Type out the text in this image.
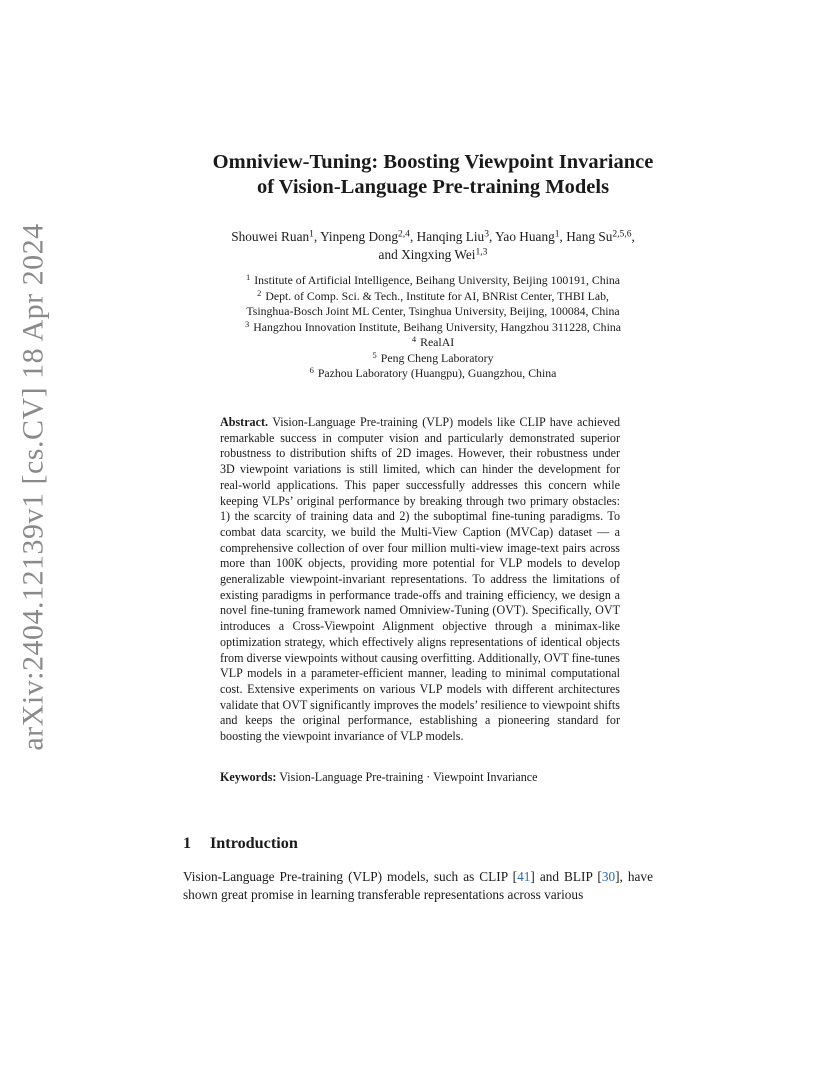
arXiv:2404.12139v1 [cs.CV] 18 Apr 2024
Omniview-Tuning: Boosting Viewpoint Invariance
of Vision-Language Pre-training Models
Shouwei Ruan$^1$, Yinpeng Dong$^{2,4}$, Hanqing Liu$^3$, Yao Huang$^1$, Hang Su$^{2,5,6}$,
and Xingxing Wei$^{1,3}$
$^1$ Institute of Artificial Intelligence, Beihang University, Beijing 100191, China
$^2$ Dept. of Comp. Sci. & Tech., Institute for AI, BNRist Center, THBI Lab,
Tsinghua-Bosch Joint ML Center, Tsinghua University, Beijing, 100084, China
$^3$ Hangzhou Innovation Institute, Beihang University, Hangzhou 311228, China
$^4$ RealAI
$^5$ Peng Cheng Laboratory
$^6$ Pazhou Laboratory (Huangpu), Guangzhou, China

Abstract. Vision-Language Pre-training (VLP) models like CLIP have achieved remarkable success in computer vision and particularly demonstrated superior robustness to distribution shifts of 2D images. However, their robustness under 3D viewpoint variations is still limited, which can hinder the development for real-world applications. This paper successfully addresses this concern while keeping VLPs’ original performance by breaking through two primary obstacles: 1) the scarcity of training data and 2) the suboptimal fine-tuning paradigms. To combat data scarcity, we build the Multi-View Caption (MVCap) dataset — a comprehensive collection of over four million multi-view image-text pairs across more than 100K objects, providing more potential for VLP models to develop generalizable viewpoint-invariant representations. To address the limitations of existing paradigms in performance trade-offs and training efficiency, we design a novel fine-tuning framework named Omniview-Tuning (OVT). Specifically, OVT introduces a Cross-Viewpoint Alignment objective through a minimax-like optimization strategy, which effectively aligns representations of identical objects from diverse viewpoints without causing overfitting. Additionally, OVT fine-tunes VLP models in a parameter-efficient manner, leading to minimal computational cost. Extensive experiments on various VLP models with different architectures validate that OVT significantly improves the models’ resilience to viewpoint shifts and keeps the original performance, establishing a pioneering standard for boosting the viewpoint invariance of VLP models.

Keywords: Vision-Language Pre-training · Viewpoint Invariance
1 Introduction

Vision-Language Pre-training (VLP) models, such as CLIP [41] and BLIP [30], have shown great promise in learning transferable representations across various
